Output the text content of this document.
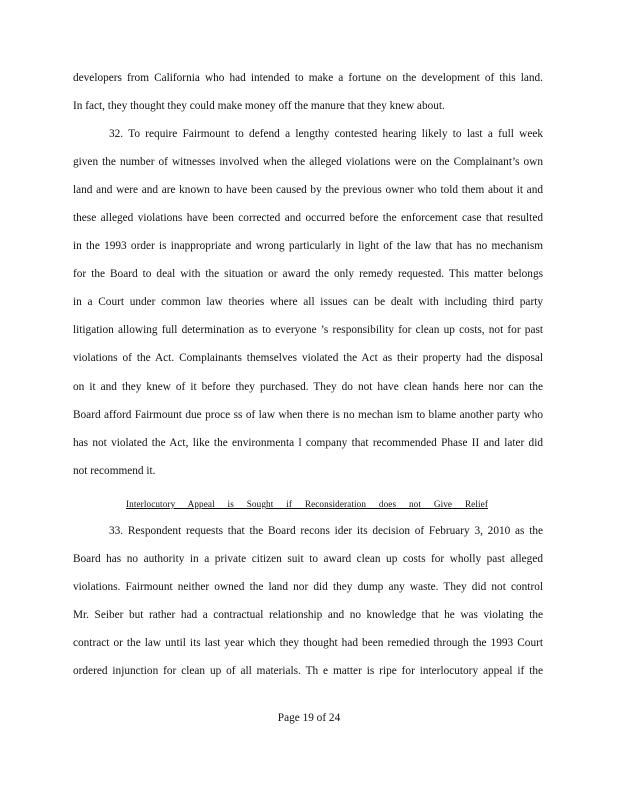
developers from California who had intended to make a fortune on the development of this land.
In fact, they thought they could make money off the manure that they knew about.
32. To require Fairmount to defend a lengthy contested hearing likely to last a full week
given the number of witnesses involved when the alleged violations were on the Complainant’s own
land and were and are known to have been caused by the previous owner who told them about it and
these alleged violations have been corrected and occurred before the enforcement case that resulted
in the 1993 order is inappropriate and wrong particularly in light of the law that has no mechanism
for the Board to deal with the situation or award the only remedy requested. This matter belongs
in a Court under common law theories where all issues can be dealt with including third party
litigation allowing full determination as to everyone ’s responsibility for clean up costs, not for past
violations of the Act. Complainants themselves violated the Act as their property had the disposal
on it and they knew of it before they purchased. They do not have clean hands here nor can the
Board afford Fairmount due proce ss of law when there is no mechan ism to blame another party who
has not violated the Act, like the environmenta l company that recommended Phase II and later did
not recommend it.
Interlocutory Appeal is Sought if Reconsideration does not Give Relief
33. Respondent requests that the Board recons ider its decision of February 3, 2010 as the
Board has no authority in a private citizen suit to award clean up costs for wholly past alleged
violations. Fairmount neither owned the land nor did they dump any waste. They did not control
Mr. Seiber but rather had a contractual relationship and no knowledge that he was violating the
contract or the law until its last year which they thought had been remedied through the 1993 Court
ordered injunction for clean up of all materials. Th e matter is ripe for interlocutory appeal if the
Page 19 of 24
